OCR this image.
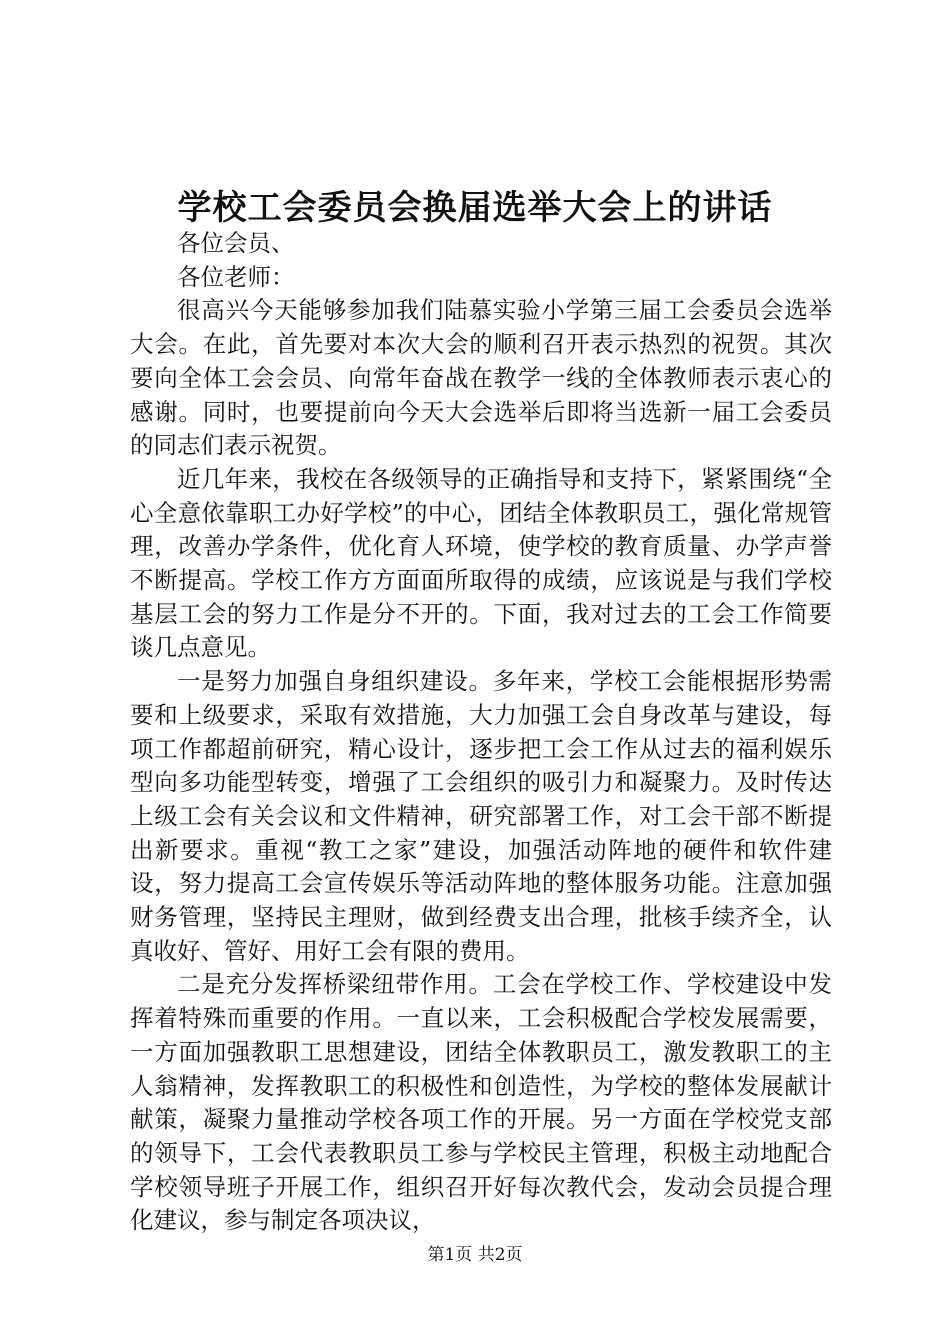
学校工会委员会换届选举大会上的讲话

各位会员、

各位老师：

很高兴今天能够参加我们陆慕实验小学第三届工会委员会选举大会。在此，首先要对本次大会的顺利召开表示热烈的祝贺。其次要向全体工会会员、向常年奋战在教学一线的全体教师表示衷心的感谢。同时，也要提前向今天大会选举后即将当选新一届工会委员的同志们表示祝贺。

近几年来，我校在各级领导的正确指导和支持下，紧紧围绕“全心全意依靠职工办好学校”的中心，团结全体教职员工，强化常规管理，改善办学条件，优化育人环境，使学校的教育质量、办学声誉不断提高。学校工作方方面面所取得的成绩，应该说是与我们学校基层工会的努力工作是分不开的。下面，我对过去的工会工作简要谈几点意见。

一是努力加强自身组织建设。多年来，学校工会能根据形势需要和上级要求，采取有效措施，大力加强工会自身改革与建设，每项工作都超前研究，精心设计，逐步把工会工作从过去的福利娱乐型向多功能型转变，增强了工会组织的吸引力和凝聚力。及时传达上级工会有关会议和文件精神，研究部署工作，对工会干部不断提出新要求。重视“教工之家”建设，加强活动阵地的硬件和软件建设，努力提高工会宣传娱乐等活动阵地的整体服务功能。注意加强财务管理，坚持民主理财，做到经费支出合理，批核手续齐全，认真收好、管好、用好工会有限的费用。

二是充分发挥桥梁纽带作用。工会在学校工作、学校建设中发挥着特殊而重要的作用。一直以来，工会积极配合学校发展需要，一方面加强教职工思想建设，团结全体教职员工，激发教职工的主人翁精神，发挥教职工的积极性和创造性，为学校的整体发展献计献策，凝聚力量推动学校各项工作的开展。另一方面在学校党支部的领导下，工会代表教职员工参与学校民主管理，积极主动地配合学校领导班子开展工作，组织召开好每次教代会，发动会员提合理化建议，参与制定各项决议，

第1页 共2页
